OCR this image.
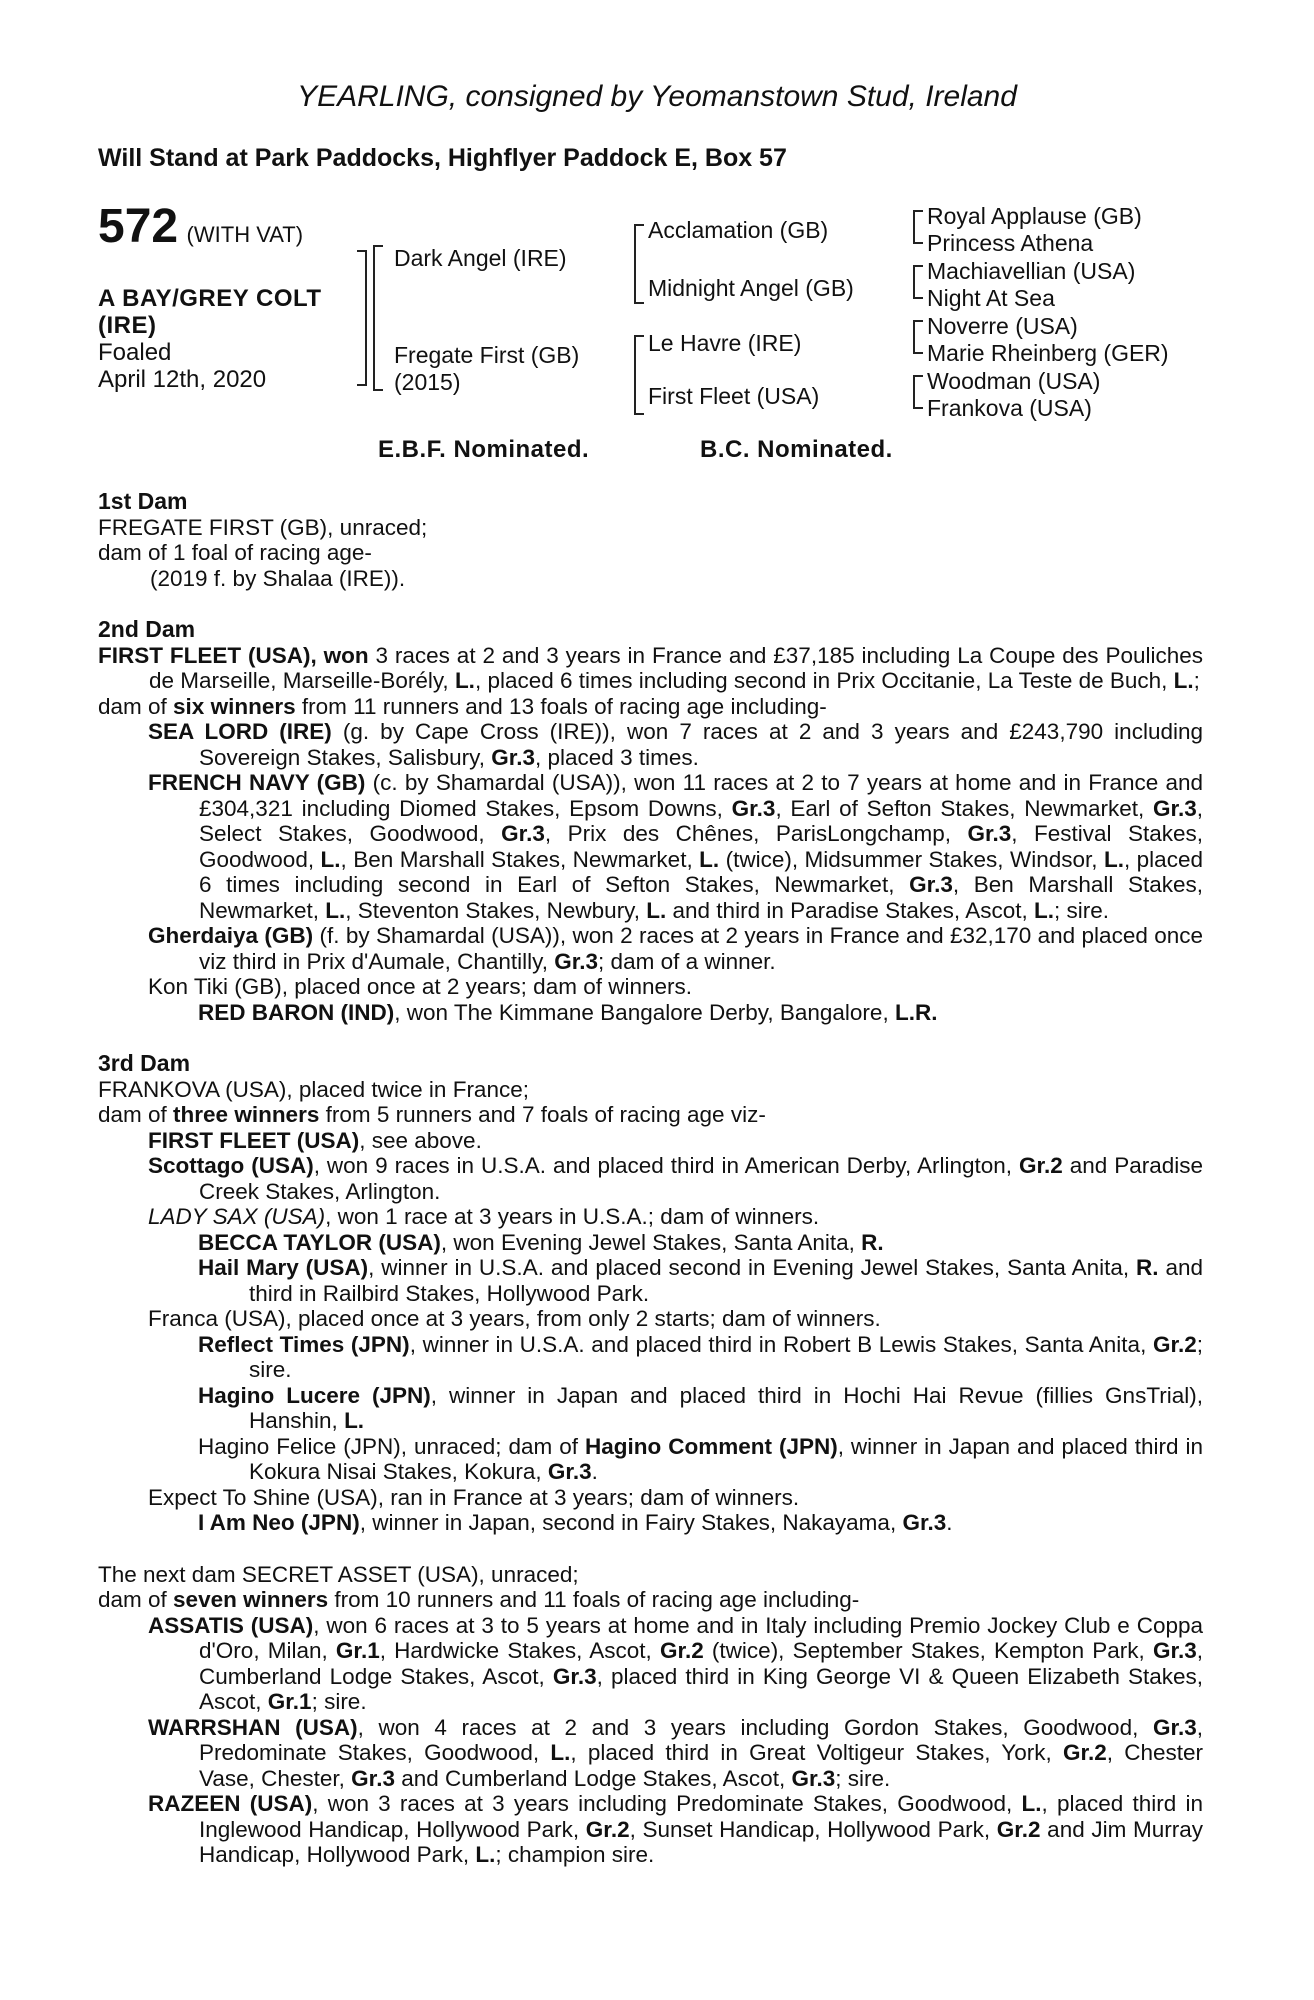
YEARLING, consigned by Yeomanstown Stud, Ireland
Will Stand at Park Paddocks, Highflyer Paddock E, Box 57
572 (WITH VAT)
A BAY/GREY COLT
(IRE)
Foaled
April 12th, 2020
Dark Angel (IRE)
Fregate First (GB)
(2015)
Acclamation (GB)
Midnight Angel (GB)
Le Havre (IRE)
First Fleet (USA)
Royal Applause (GB)
Princess Athena
Machiavellian (USA)
Night At Sea
Noverre (USA)
Marie Rheinberg (GER)
Woodman (USA)
Frankova (USA)
E.B.F. Nominated.	B.C. Nominated.
1st Dam

FREGATE FIRST (GB), unraced;

dam of 1 foal of racing age-

(2019 f. by Shalaa (IRE)).

2nd Dam

FIRST FLEET (USA), won 3 races at 2 and 3 years in France and £37,185 including La Coupe des Pouliches de Marseille, Marseille-Borély, L., placed 6 times including second in Prix Occitanie, La Teste de Buch, L.;

dam of six winners from 11 runners and 13 foals of racing age including-

SEA LORD (IRE) (g. by Cape Cross (IRE)), won 7 races at 2 and 3 years and £243,790 including Sovereign Stakes, Salisbury, Gr.3, placed 3 times.

FRENCH NAVY (GB) (c. by Shamardal (USA)), won 11 races at 2 to 7 years at home and in France and £304,321 including Diomed Stakes, Epsom Downs, Gr.3, Earl of Sefton Stakes, Newmarket, Gr.3, Select Stakes, Goodwood, Gr.3, Prix des Chênes, ParisLongchamp, Gr.3, Festival Stakes, Goodwood, L., Ben Marshall Stakes, Newmarket, L. (twice), Midsummer Stakes, Windsor, L., placed 6 times including second in Earl of Sefton Stakes, Newmarket, Gr.3, Ben Marshall Stakes, Newmarket, L., Steventon Stakes, Newbury, L. and third in Paradise Stakes, Ascot, L.; sire.

Gherdaiya (GB) (f. by Shamardal (USA)), won 2 races at 2 years in France and £32,170 and placed once viz third in Prix d'Aumale, Chantilly, Gr.3; dam of a winner.

Kon Tiki (GB), placed once at 2 years; dam of winners.

RED BARON (IND), won The Kimmane Bangalore Derby, Bangalore, L.R.

3rd Dam

FRANKOVA (USA), placed twice in France;

dam of three winners from 5 runners and 7 foals of racing age viz-

FIRST FLEET (USA), see above.

Scottago (USA), won 9 races in U.S.A. and placed third in American Derby, Arlington, Gr.2 and Paradise Creek Stakes, Arlington.

LADY SAX (USA), won 1 race at 3 years in U.S.A.; dam of winners.

BECCA TAYLOR (USA), won Evening Jewel Stakes, Santa Anita, R.

Hail Mary (USA), winner in U.S.A. and placed second in Evening Jewel Stakes, Santa Anita, R. and third in Railbird Stakes, Hollywood Park.

Franca (USA), placed once at 3 years, from only 2 starts; dam of winners.

Reflect Times (JPN), winner in U.S.A. and placed third in Robert B Lewis Stakes, Santa Anita, Gr.2; sire.

Hagino Lucere (JPN), winner in Japan and placed third in Hochi Hai Revue (fillies GnsTrial), Hanshin, L.

Hagino Felice (JPN), unraced; dam of Hagino Comment (JPN), winner in Japan and placed third in Kokura Nisai Stakes, Kokura, Gr.3.

Expect To Shine (USA), ran in France at 3 years; dam of winners.

I Am Neo (JPN), winner in Japan, second in Fairy Stakes, Nakayama, Gr.3.

The next dam SECRET ASSET (USA), unraced;

dam of seven winners from 10 runners and 11 foals of racing age including-

ASSATIS (USA), won 6 races at 3 to 5 years at home and in Italy including Premio Jockey Club e Coppa d'Oro, Milan, Gr.1, Hardwicke Stakes, Ascot, Gr.2 (twice), September Stakes, Kempton Park, Gr.3, Cumberland Lodge Stakes, Ascot, Gr.3, placed third in King George VI & Queen Elizabeth Stakes, Ascot, Gr.1; sire.

WARRSHAN (USA), won 4 races at 2 and 3 years including Gordon Stakes, Goodwood, Gr.3, Predominate Stakes, Goodwood, L., placed third in Great Voltigeur Stakes, York, Gr.2, Chester Vase, Chester, Gr.3 and Cumberland Lodge Stakes, Ascot, Gr.3; sire.

RAZEEN (USA), won 3 races at 3 years including Predominate Stakes, Goodwood, L., placed third in Inglewood Handicap, Hollywood Park, Gr.2, Sunset Handicap, Hollywood Park, Gr.2 and Jim Murray Handicap, Hollywood Park, L.; champion sire.
